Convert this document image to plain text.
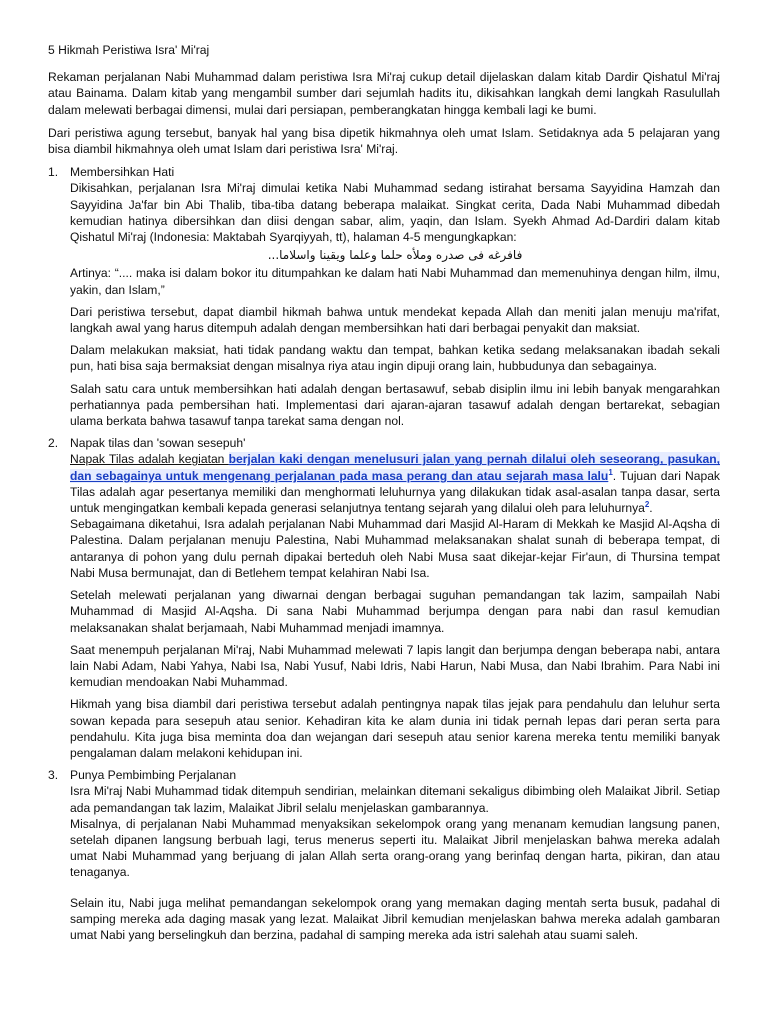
5 Hikmah Peristiwa Isra' Mi'raj

Rekaman perjalanan Nabi Muhammad dalam peristiwa Isra Mi'raj cukup detail dijelaskan dalam kitab Dardir Qishatul Mi'raj atau Bainama. Dalam kitab yang mengambil sumber dari sejumlah hadits itu, dikisahkan langkah demi langkah Rasulullah dalam melewati berbagai dimensi, mulai dari persiapan, pemberangkatan hingga kembali lagi ke bumi.

Dari peristiwa agung tersebut, banyak hal yang bisa dipetik hikmahnya oleh umat Islam. Setidaknya ada 5 pelajaran yang bisa diambil hikmahnya oleh umat Islam dari peristiwa Isra' Mi'raj.

1. Membersihkan Hati

Dikisahkan, perjalanan Isra Mi'raj dimulai ketika Nabi Muhammad sedang istirahat bersama Sayyidina Hamzah dan Sayyidina Ja'far bin Abi Thalib, tiba-tiba datang beberapa malaikat. Singkat cerita, Dada Nabi Muhammad dibedah kemudian hatinya dibersihkan dan diisi dengan sabar, alim, yaqin, dan Islam. Syekh Ahmad Ad-Dardiri dalam kitab Qishatul Mi'raj (Indonesia: Maktabah Syarqiyyah, tt), halaman 4-5 mengungkapkan:

فافرغه فى صدره وملأه حلما وعلما ويقينا واسلاما...

Artinya: “.... maka isi dalam bokor itu ditumpahkan ke dalam hati Nabi Muhammad dan memenuhinya dengan hilm, ilmu, yakin, dan Islam,”

Dari peristiwa tersebut, dapat diambil hikmah bahwa untuk mendekat kepada Allah dan meniti jalan menuju ma'rifat, langkah awal yang harus ditempuh adalah dengan membersihkan hati dari berbagai penyakit dan maksiat.

Dalam melakukan maksiat, hati tidak pandang waktu dan tempat, bahkan ketika sedang melaksanakan ibadah sekali pun, hati bisa saja bermaksiat dengan misalnya riya atau ingin dipuji orang lain, hubbudunya dan sebagainya.

Salah satu cara untuk membersihkan hati adalah dengan bertasawuf, sebab disiplin ilmu ini lebih banyak mengarahkan perhatiannya pada pembersihan hati. Implementasi dari ajaran-ajaran tasawuf adalah dengan bertarekat, sebagian ulama berkata bahwa tasawuf tanpa tarekat sama dengan nol.

2. Napak tilas dan 'sowan sesepuh'

Napak Tilas adalah kegiatan berjalan kaki dengan menelusuri jalan yang pernah dilalui oleh seseorang, pasukan, dan sebagainya untuk mengenang perjalanan pada masa perang dan atau sejarah masa lalu$^1$. Tujuan dari Napak Tilas adalah agar pesertanya memiliki dan menghormati leluhurnya yang dilakukan tidak asal-asalan tanpa dasar, serta untuk mengingatkan kembali kepada generasi selanjutnya tentang sejarah yang dilalui oleh para leluhurnya$^2$.

Sebagaimana diketahui, Isra adalah perjalanan Nabi Muhammad dari Masjid Al-Haram di Mekkah ke Masjid Al-Aqsha di Palestina. Dalam perjalanan menuju Palestina, Nabi Muhammad melaksanakan shalat sunah di beberapa tempat, di antaranya di pohon yang dulu pernah dipakai berteduh oleh Nabi Musa saat dikejar-kejar Fir'aun, di Thursina tempat Nabi Musa bermunajat, dan di Betlehem tempat kelahiran Nabi Isa.

Setelah melewati perjalanan yang diwarnai dengan berbagai suguhan pemandangan tak lazim, sampailah Nabi Muhammad di Masjid Al-Aqsha. Di sana Nabi Muhammad berjumpa dengan para nabi dan rasul kemudian melaksanakan shalat berjamaah, Nabi Muhammad menjadi imamnya.

Saat menempuh perjalanan Mi'raj, Nabi Muhammad melewati 7 lapis langit dan berjumpa dengan beberapa nabi, antara lain Nabi Adam, Nabi Yahya, Nabi Isa, Nabi Yusuf, Nabi Idris, Nabi Harun, Nabi Musa, dan Nabi Ibrahim. Para Nabi ini kemudian mendoakan Nabi Muhammad.

Hikmah yang bisa diambil dari peristiwa tersebut adalah pentingnya napak tilas jejak para pendahulu dan leluhur serta sowan kepada para sesepuh atau senior. Kehadiran kita ke alam dunia ini tidak pernah lepas dari peran serta para pendahulu. Kita juga bisa meminta doa dan wejangan dari sesepuh atau senior karena mereka tentu memiliki banyak pengalaman dalam melakoni kehidupan ini.

3. Punya Pembimbing Perjalanan

Isra Mi'raj Nabi Muhammad tidak ditempuh sendirian, melainkan ditemani sekaligus dibimbing oleh Malaikat Jibril. Setiap ada pemandangan tak lazim, Malaikat Jibril selalu menjelaskan gambarannya.

Misalnya, di perjalanan Nabi Muhammad menyaksikan sekelompok orang yang menanam kemudian langsung panen, setelah dipanen langsung berbuah lagi, terus menerus seperti itu. Malaikat Jibril menjelaskan bahwa mereka adalah umat Nabi Muhammad yang berjuang di jalan Allah serta orang-orang yang berinfaq dengan harta, pikiran, dan atau tenaganya.

Selain itu, Nabi juga melihat pemandangan sekelompok orang yang memakan daging mentah serta busuk, padahal di samping mereka ada daging masak yang lezat. Malaikat Jibril kemudian menjelaskan bahwa mereka adalah gambaran umat Nabi yang berselingkuh dan berzina, padahal di samping mereka ada istri salehah atau suami saleh.
